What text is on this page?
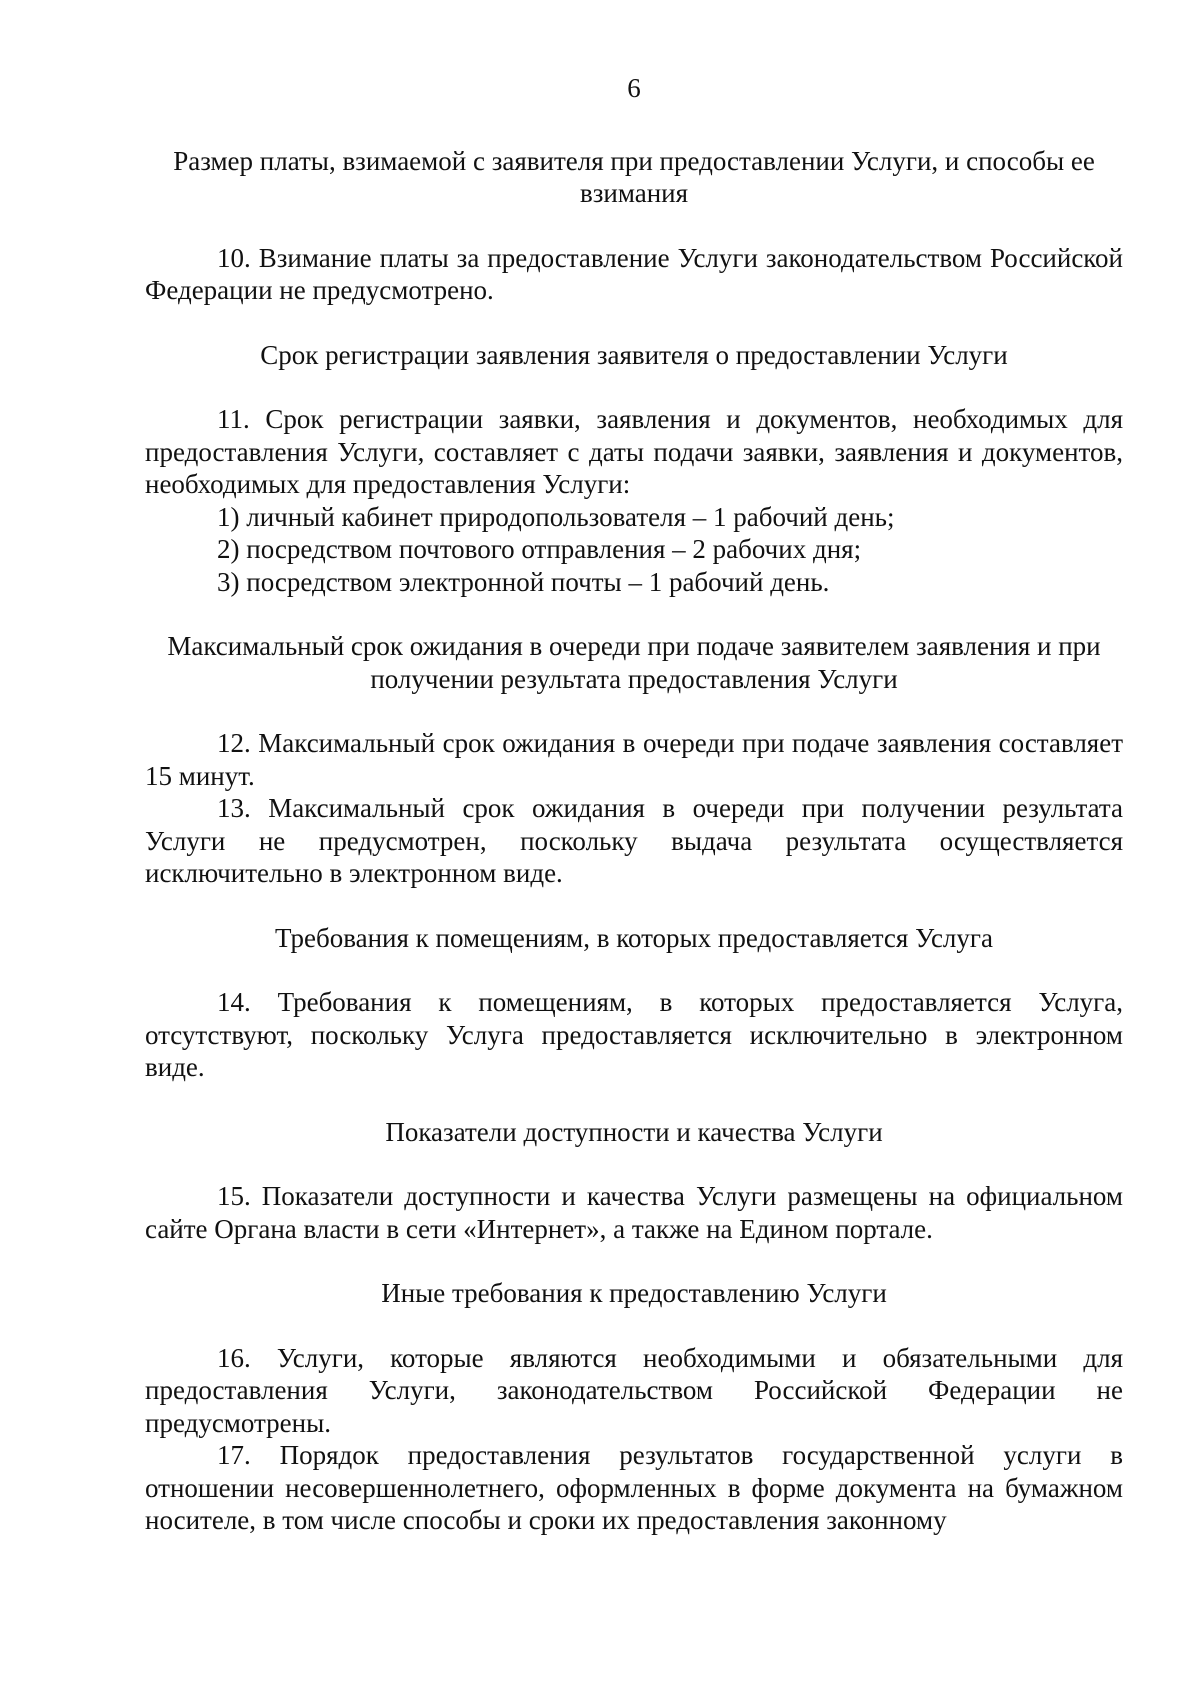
6

Размер платы, взимаемой с заявителя при предоставлении Услуги, и способы ее взимания

10. Взимание платы за предоставление Услуги законодательством Российской Федерации не предусмотрено.

Срок регистрации заявления заявителя о предоставлении Услуги

11. Срок регистрации заявки, заявления и документов, необходимых для предоставления Услуги, составляет с даты подачи заявки, заявления и документов, необходимых для предоставления Услуги:

1) личный кабинет природопользователя – 1 рабочий день;

2) посредством почтового отправления – 2 рабочих дня;

3) посредством электронной почты – 1 рабочий день.

Максимальный срок ожидания в очереди при подаче заявителем заявления и при получении результата предоставления Услуги

12. Максимальный срок ожидания в очереди при подаче заявления составляет 15 минут.

13. Максимальный срок ожидания в очереди при получении результата Услуги не предусмотрен, поскольку выдача результата осуществляется исключительно в электронном виде.

Требования к помещениям, в которых предоставляется Услуга

14. Требования к помещениям, в которых предоставляется Услуга, отсутствуют, поскольку Услуга предоставляется исключительно в электронном виде.

Показатели доступности и качества Услуги

15. Показатели доступности и качества Услуги размещены на официальном сайте Органа власти в сети «Интернет», а также на Едином портале.

Иные требования к предоставлению Услуги

16. Услуги, которые являются необходимыми и обязательными для предоставления Услуги, законодательством Российской Федерации не предусмотрены.

17. Порядок предоставления результатов государственной услуги в отношении несовершеннолетнего, оформленных в форме документа на бумажном носителе, в том числе способы и сроки их предоставления законному
